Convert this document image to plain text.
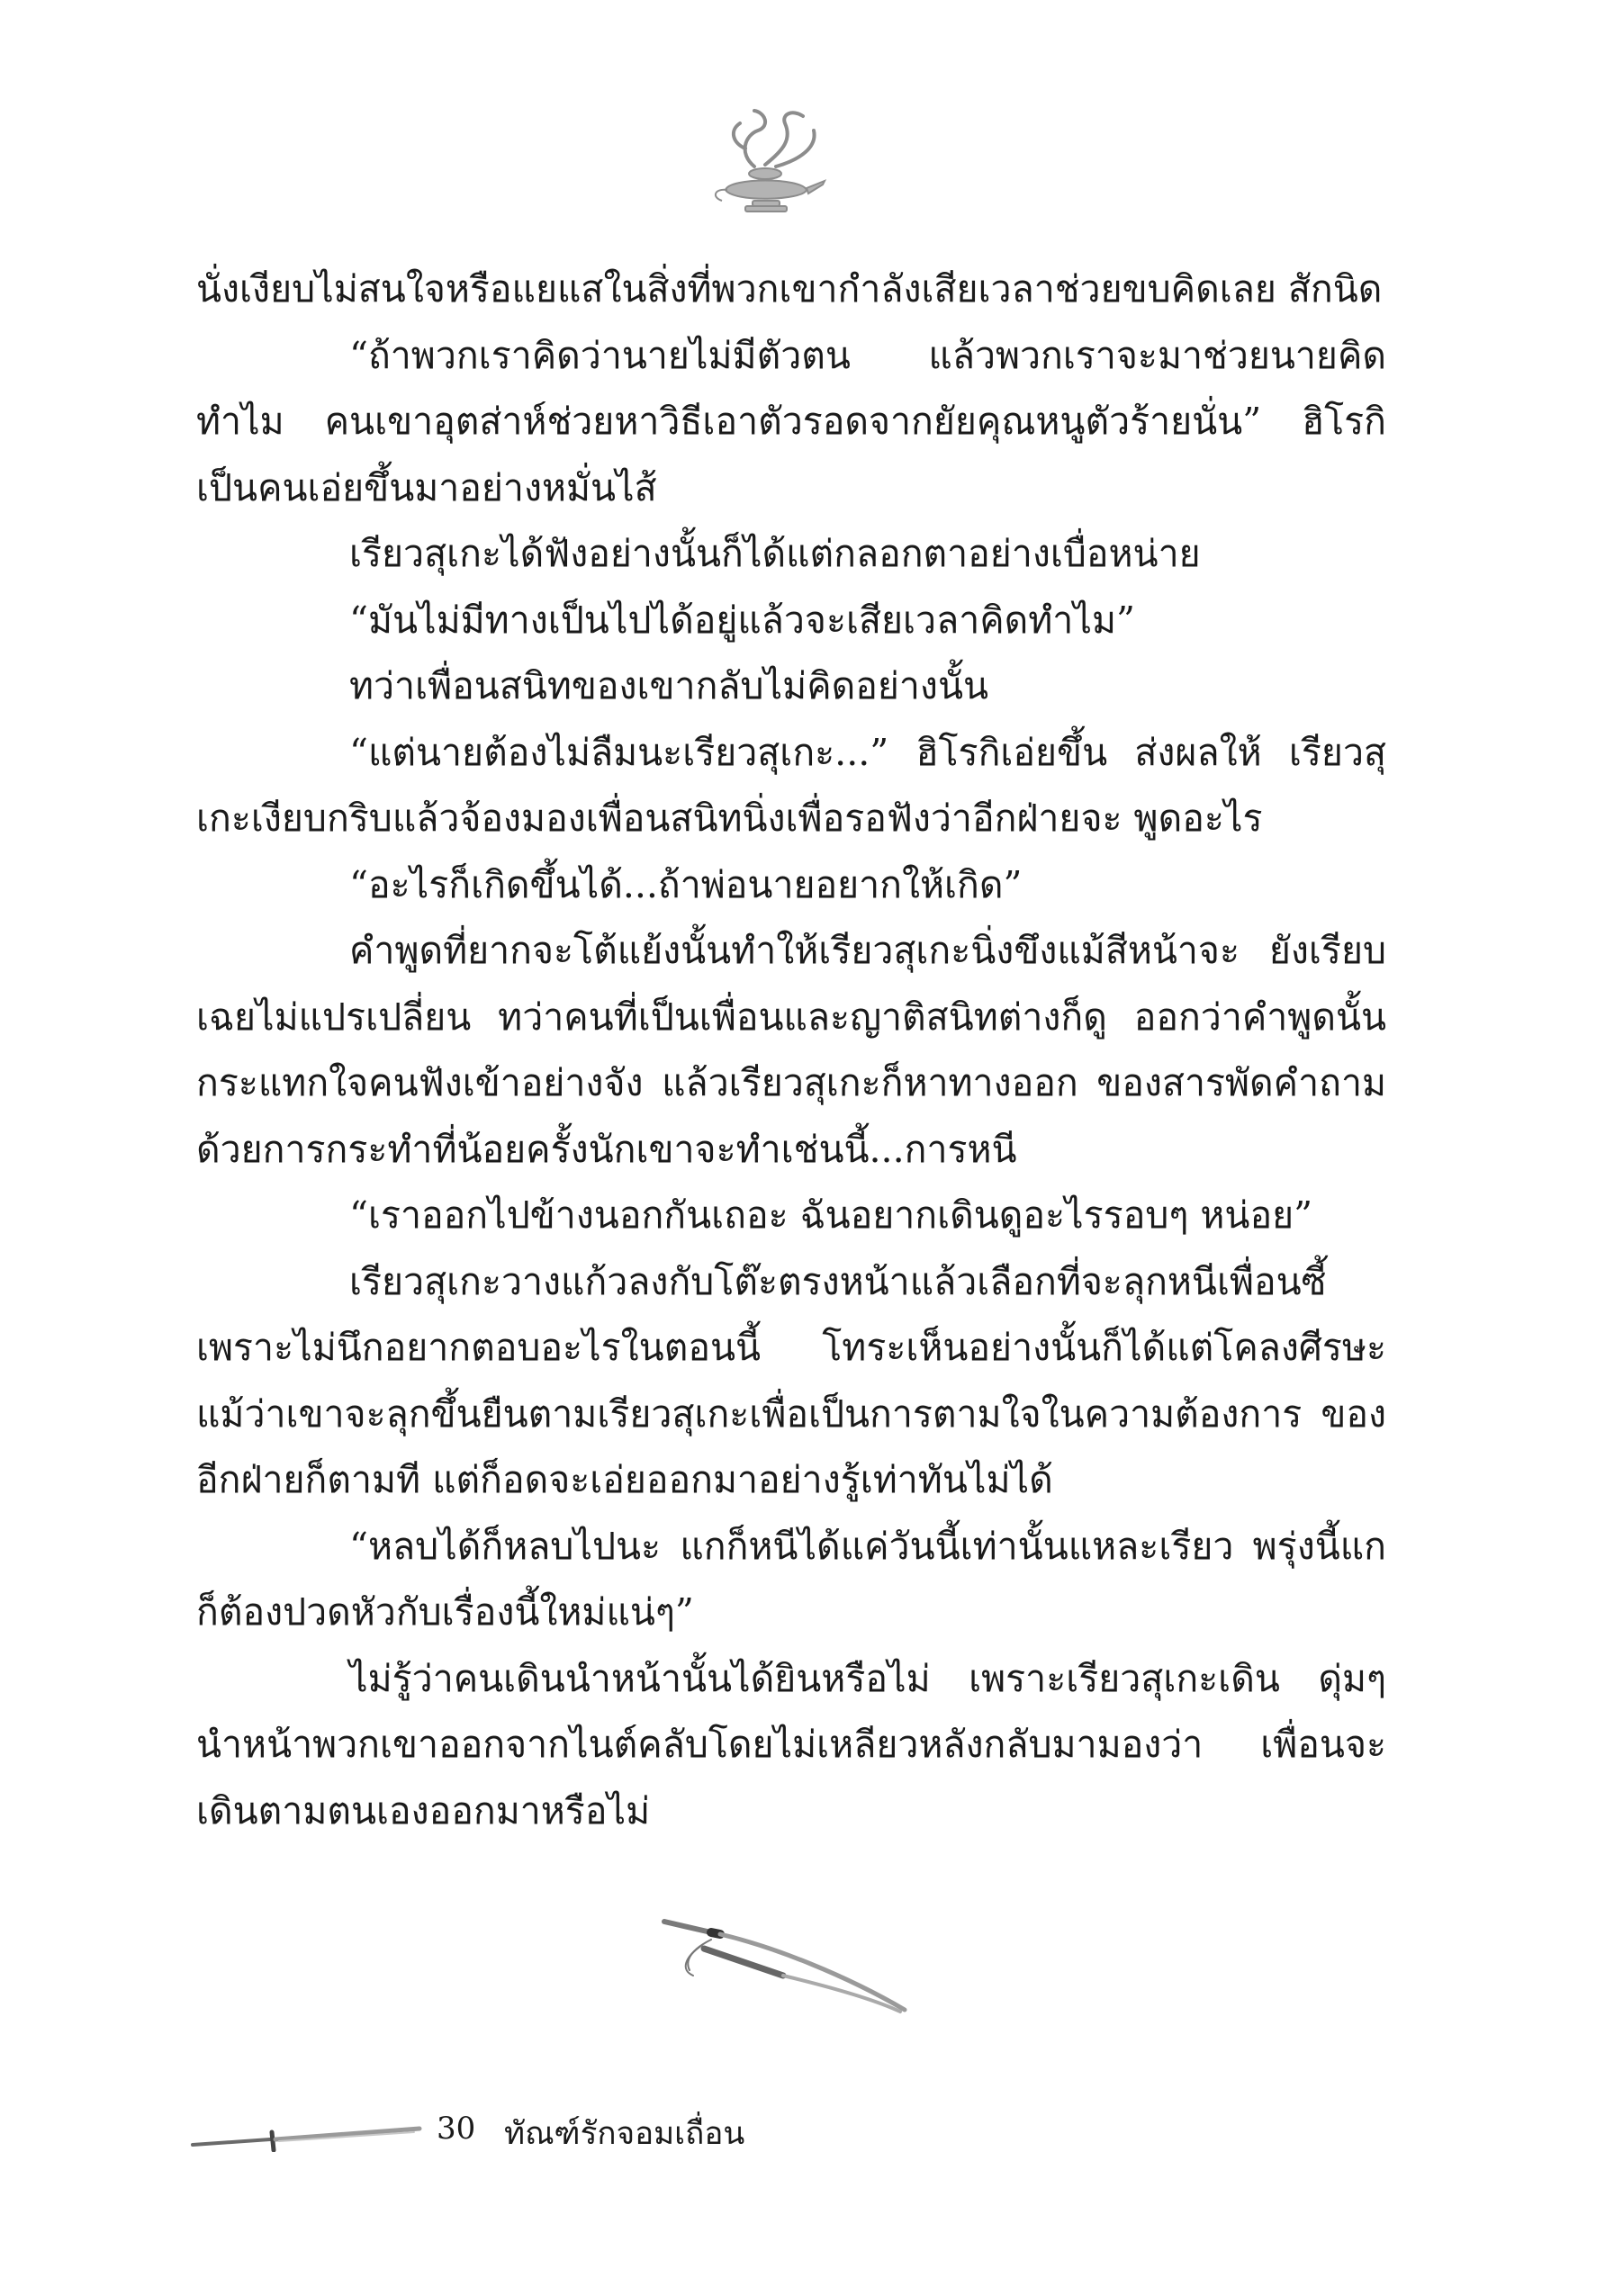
นั่งเงียบไม่สนใจหรือแยแสในสิ่งที่พวกเขากำลังเสียเวลาช่วยขบคิดเลย สักนิด

“ถ้าพวกเราคิดว่านายไม่มีตัวตน แล้วพวกเราจะมาช่วยนายคิด ทำไม คนเขาอุตส่าห์ช่วยหาวิธีเอาตัวรอดจากยัยคุณหนูตัวร้ายนั่น” ฮิโรกิ เป็นคนเอ่ยขึ้นมาอย่างหมั่นไส้

เรียวสุเกะได้ฟังอย่างนั้นก็ได้แต่กลอกตาอย่างเบื่อหน่าย

“มันไม่มีทางเป็นไปได้อยู่แล้วจะเสียเวลาคิดทำไม”

ทว่าเพื่อนสนิทของเขากลับไม่คิดอย่างนั้น

“แต่นายต้องไม่ลืมนะเรียวสุเกะ...” ฮิโรกิเอ่ยขึ้น ส่งผลให้ เรียวสุเกะเงียบกริบแล้วจ้องมองเพื่อนสนิทนิ่งเพื่อรอฟังว่าอีกฝ่ายจะ พูดอะไร

“อะไรก็เกิดขึ้นได้...ถ้าพ่อนายอยากให้เกิด”

คำพูดที่ยากจะโต้แย้งนั้นทำให้เรียวสุเกะนิ่งขึงแม้สีหน้าจะ ยังเรียบเฉยไม่แปรเปลี่ยน ทว่าคนที่เป็นเพื่อนและญาติสนิทต่างก็ดู ออกว่าคำพูดนั้นกระแทกใจคนฟังเข้าอย่างจัง แล้วเรียวสุเกะก็หาทางออก ของสารพัดคำถามด้วยการกระทำที่น้อยครั้งนักเขาจะทำเช่นนี้...การหนี

“เราออกไปข้างนอกกันเถอะ ฉันอยากเดินดูอะไรรอบๆ หน่อย”

เรียวสุเกะวางแก้วลงกับโต๊ะตรงหน้าแล้วเลือกที่จะลุกหนีเพื่อนซี้ เพราะไม่นึกอยากตอบอะไรในตอนนี้ โทระเห็นอย่างนั้นก็ได้แต่โคลงศีรษะ แม้ว่าเขาจะลุกขึ้นยืนตามเรียวสุเกะเพื่อเป็นการตามใจในความต้องการ ของอีกฝ่ายก็ตามที แต่ก็อดจะเอ่ยออกมาอย่างรู้เท่าทันไม่ได้

“หลบได้ก็หลบไปนะ แกก็หนีได้แค่วันนี้เท่านั้นแหละเรียว พรุ่งนี้แกก็ต้องปวดหัวกับเรื่องนี้ใหม่แน่ๆ”

ไม่รู้ว่าคนเดินนำหน้านั้นได้ยินหรือไม่ เพราะเรียวสุเกะเดิน ดุ่มๆ นำหน้าพวกเขาออกจากไนต์คลับโดยไม่เหลียวหลังกลับมามองว่า เพื่อนจะเดินตามตนเองออกมาหรือไม่

30 ทัณฑ์รักจอมเถื่อน
